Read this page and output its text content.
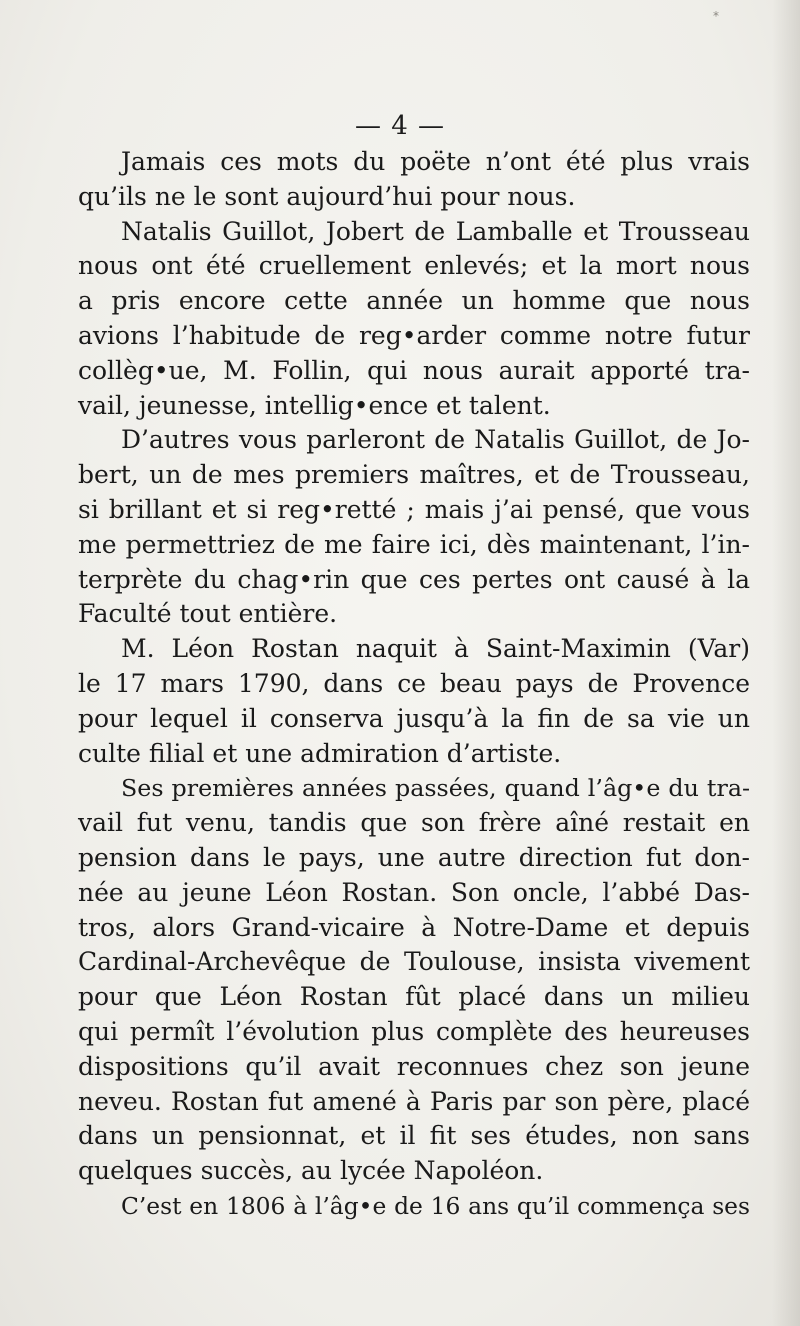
*
— 4 —
Jamais ces mots du poëte n’ont été plus vrais
qu’ils ne le sont aujourd’hui pour nous.
Natalis Guillot, Jobert de Lamballe et Trousseau
nous ont été cruellement enlevés; et la mort nous
a pris encore cette année un homme que nous
avions l’habitude de reg•arder comme notre futur
collèg•ue, M. Follin, qui nous aurait apporté tra-
vail, jeunesse, intellig•ence et talent.
D’autres vous parleront de Natalis Guillot, de Jo-
bert, un de mes premiers maîtres, et de Trousseau,
si brillant et si reg•retté ; mais j’ai pensé, que vous
me permettriez de me faire ici, dès maintenant, l’in-
terprète du chag•rin que ces pertes ont causé à la
Faculté tout entière.
M. Léon Rostan naquit à Saint-Maximin (Var)
le 17 mars 1790, dans ce beau pays de Provence
pour lequel il conserva jusqu’à la fin de sa vie un
culte filial et une admiration d’artiste.
Ses premières années passées, quand l’âg•e du tra-
vail fut venu, tandis que son frère aîné restait en
pension dans le pays, une autre direction fut don-
née au jeune Léon Rostan. Son oncle, l’abbé Das-
tros, alors Grand-vicaire à Notre-Dame et depuis
Cardinal-Archevêque de Toulouse, insista vivement
pour que Léon Rostan fût placé dans un milieu
qui permît l’évolution plus complète des heureuses
dispositions qu’il avait reconnues chez son jeune
neveu. Rostan fut amené à Paris par son père, placé
dans un pensionnat, et il fit ses études, non sans
quelques succès, au lycée Napoléon.
C’est en 1806 à l’âg•e de 16 ans qu’il commença ses
